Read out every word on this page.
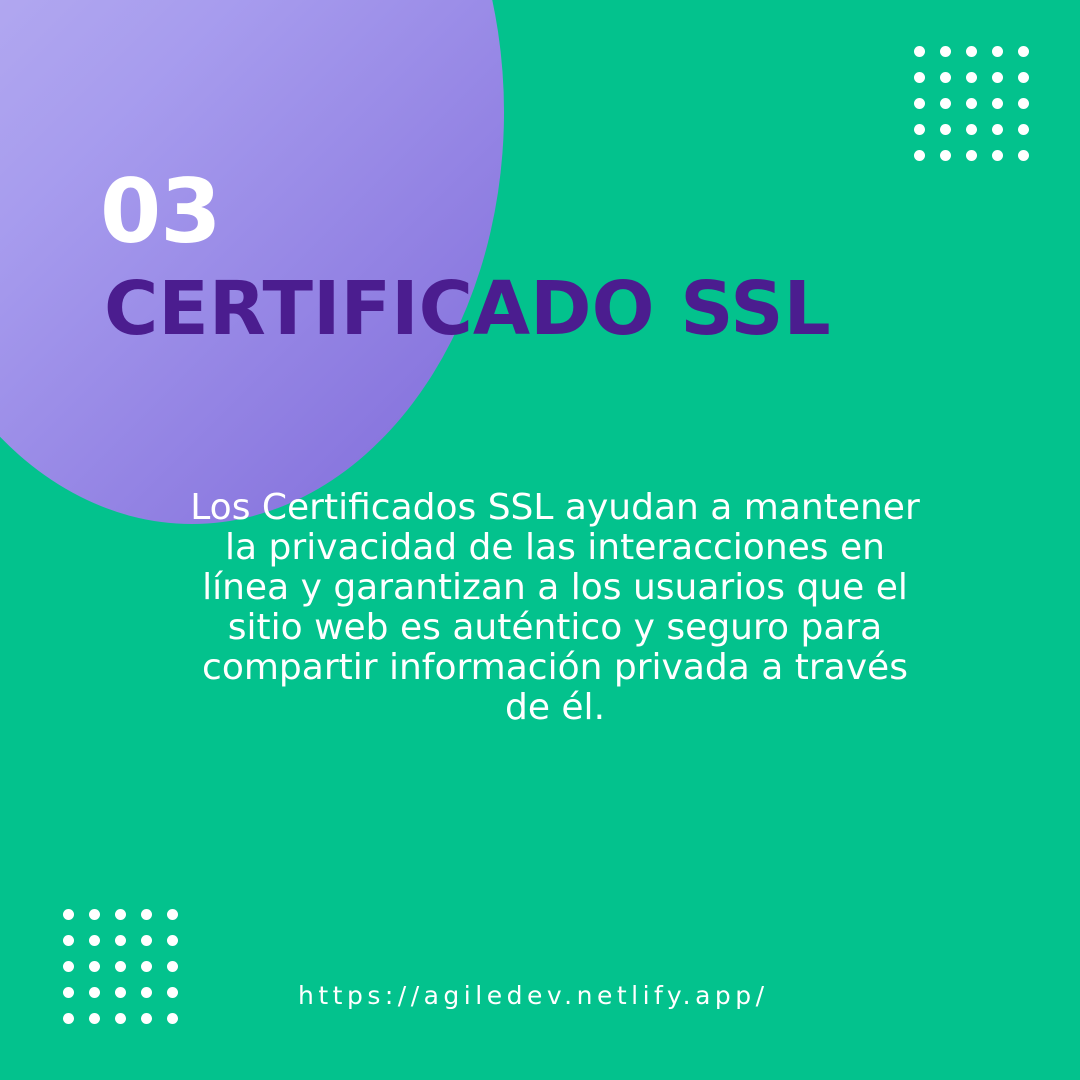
03
CERTIFICADO SSL
Los Certificados SSL ayudan a mantener la privacidad de las interacciones en línea y garantizan a los usuarios que el sitio web es auténtico y seguro para compartir información privada a través de él.
https://agiledev.netlify.app/
